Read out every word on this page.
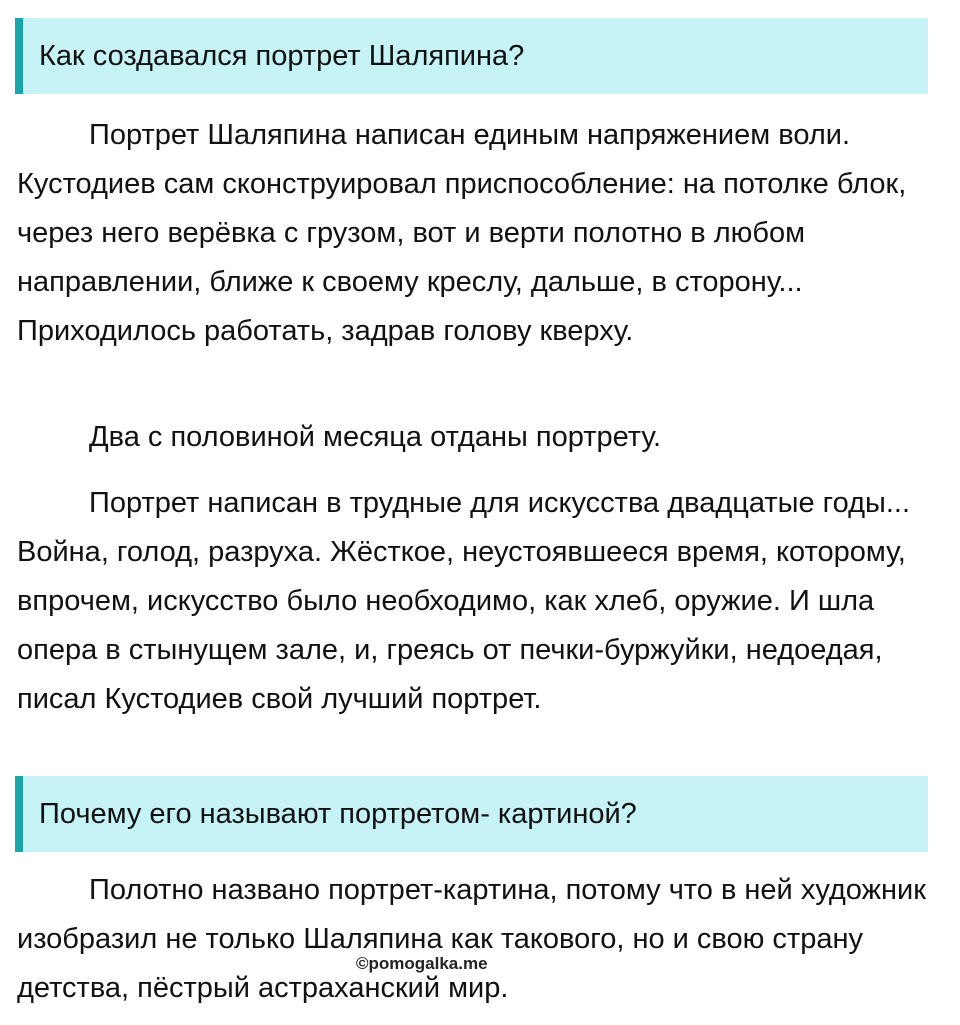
Как создавался портрет Шаляпина?

Портрет Шаляпина написан единым напряжением воли. Кустодиев сам сконструировал приспособление: на потолке блок, через него верёвка с грузом, вот и верти полотно в любом направлении, ближе к своему креслу, дальше, в сторону... Приходилось работать, задрав голову кверху.

Два с половиной месяца отданы портрету.

Портрет написан в трудные для искусства двадцатые годы... Война, голод, разруха. Жёсткое, неустоявшееся время, которому, впрочем, искусство было необходимо, как хлеб, оружие. И шла опера в стынущем зале, и, греясь от печки-буржуйки, недоедая, писал Кустодиев свой лучший портрет.

Почему его называют портретом- картиной?

Полотно названо портрет-картина, потому что в ней художник изобразил не только Шаляпина как такового, но и свою страну детства, пёстрый астраханский мир.

©pomogalka.me
